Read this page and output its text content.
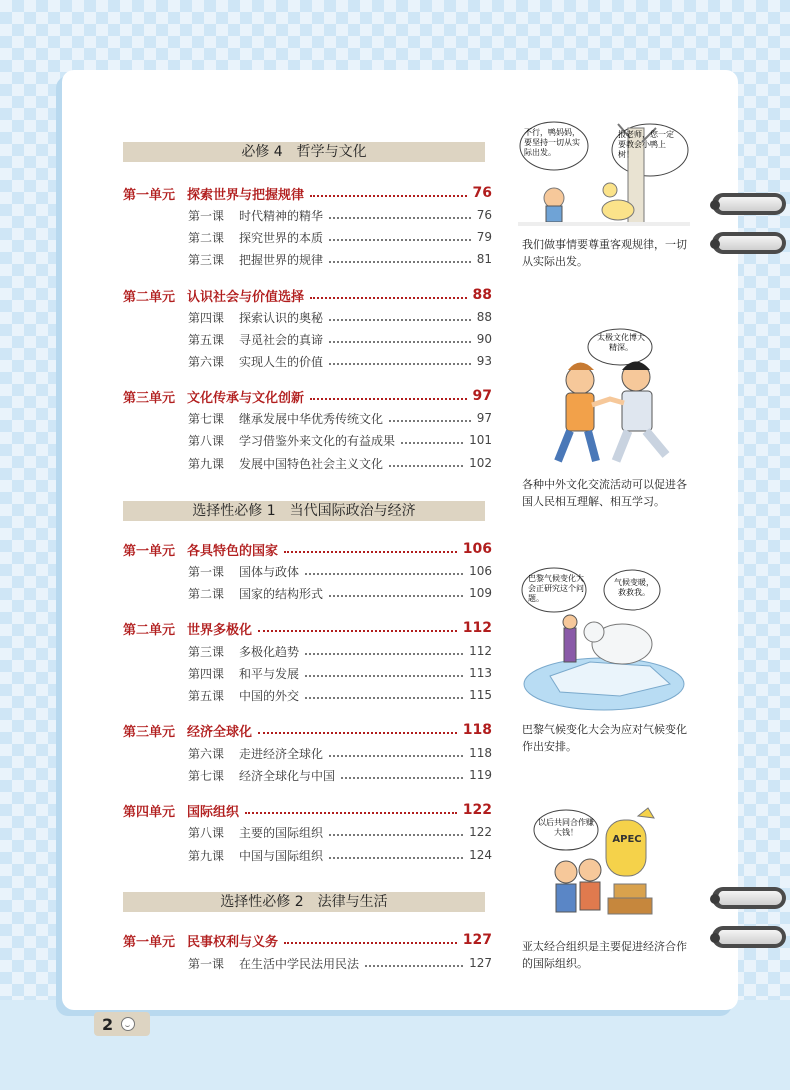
必修 4　哲学与文化
第一单元 探索世界与把握规律	76
第一课	时代精神的精华	76
第二课	探究世界的本质	79
第三课	把握世界的规律	81
第二单元 认识社会与价值选择	88
第四课	探索认识的奥秘	88
第五课	寻觅社会的真谛	90
第六课	实现人生的价值	93
第三单元 文化传承与文化创新	97
第七课	继承发展中华优秀传统文化	97
第八课	学习借鉴外来文化的有益成果	101
第九课	发展中国特色社会主义文化	102
选择性必修 1　当代国际政治与经济
第一单元 各具特色的国家	106
第一课	国体与政体	106
第二课	国家的结构形式	109
第二单元 世界多极化	112
第三课	多极化趋势	112
第四课	和平与发展	113
第五课	中国的外交	115
第三单元 经济全球化	118
第六课	走进经济全球化	118
第七课	经济全球化与中国	119
第四单元 国际组织	122
第八课	主要的国际组织	122
第九课	中国与国际组织	124
选择性必修 2　法律与生活
第一单元 民事权利与义务	127
第一课	在生活中学民法用民法	127
不行，鸭妈妈，要坚持一切从实际出发。
报老师，您一定要教会小鸭上树！
我们做事情要尊重客观规律，一切从实际出发。
太极文化博大精深。
各种中外文化交流活动可以促进各国人民相互理解、相互学习。
巴黎气候变化大会正研究这个问题。
气候变暖，救救我。
巴黎气候变化大会为应对气候变化作出安排。
以后共同合作赚大钱！
APEC
亚太经合组织是主要促进经济合作的国际组织。
2
